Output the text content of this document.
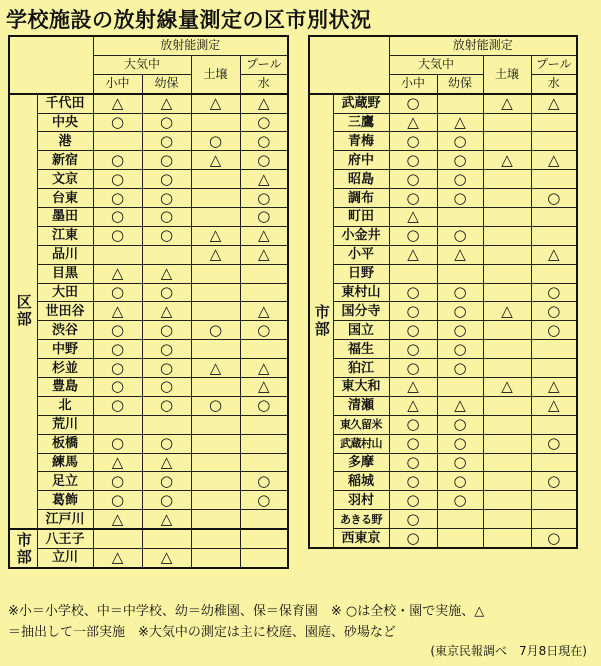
学校施設の放射線量測定の区市別状況
		放射能測定			
		大気中		土壌	プール
		小中	幼保		水
区部	千代田	△	△	△	△
	中央	○	○		○
	港		○	○	○
	新宿	○	○	△	○
	文京	○	○		△
	台東	○	○		○
	墨田	○	○		○
	江東	○	○	△	△
	品川			△	△
	目黒	△	△		
	大田	○	○		
	世田谷	△	△		△
	渋谷	○	○	○	○
	中野	○	○		
	杉並	○	○	△	△
	豊島	○	○		△
	北	○	○	○	○
	荒川				
	板橋	○	○		
	練馬	△	△		
	足立	○	○		○
	葛飾	○	○		○
	江戸川	△	△		
市部	八王子				
	立川	△	△		
		放射能測定			
		大気中		土壌	プール
		小中	幼保		水
市部	武蔵野	○		△	△
	三鷹	△	△		
	青梅	○	○		
	府中	○	○	△	△
	昭島	○	○		
	調布	○	○		○
	町田	△			
	小金井	○	○		
	小平	△	△		△
	日野				
	東村山	○	○		○
	国分寺	○	○	△	○
	国立	○	○		○
	福生	○	○		
	狛江	○	○		
	東大和	△		△	△
	清瀬	△	△		△
	東久留米	○	○		
	武蔵村山	○	○		○
	多摩	○	○		
	稲城	○	○		○
	羽村	○	○		
	あきる野	○			
	西東京	○			○
※小＝小学校、中＝中学校、幼＝幼稚園、保＝保育園　※ ○は全校・園で実施、△
＝抽出して一部実施　※大気中の測定は主に校庭、園庭、砂場など
(東京民報調べ　7月8日現在)
